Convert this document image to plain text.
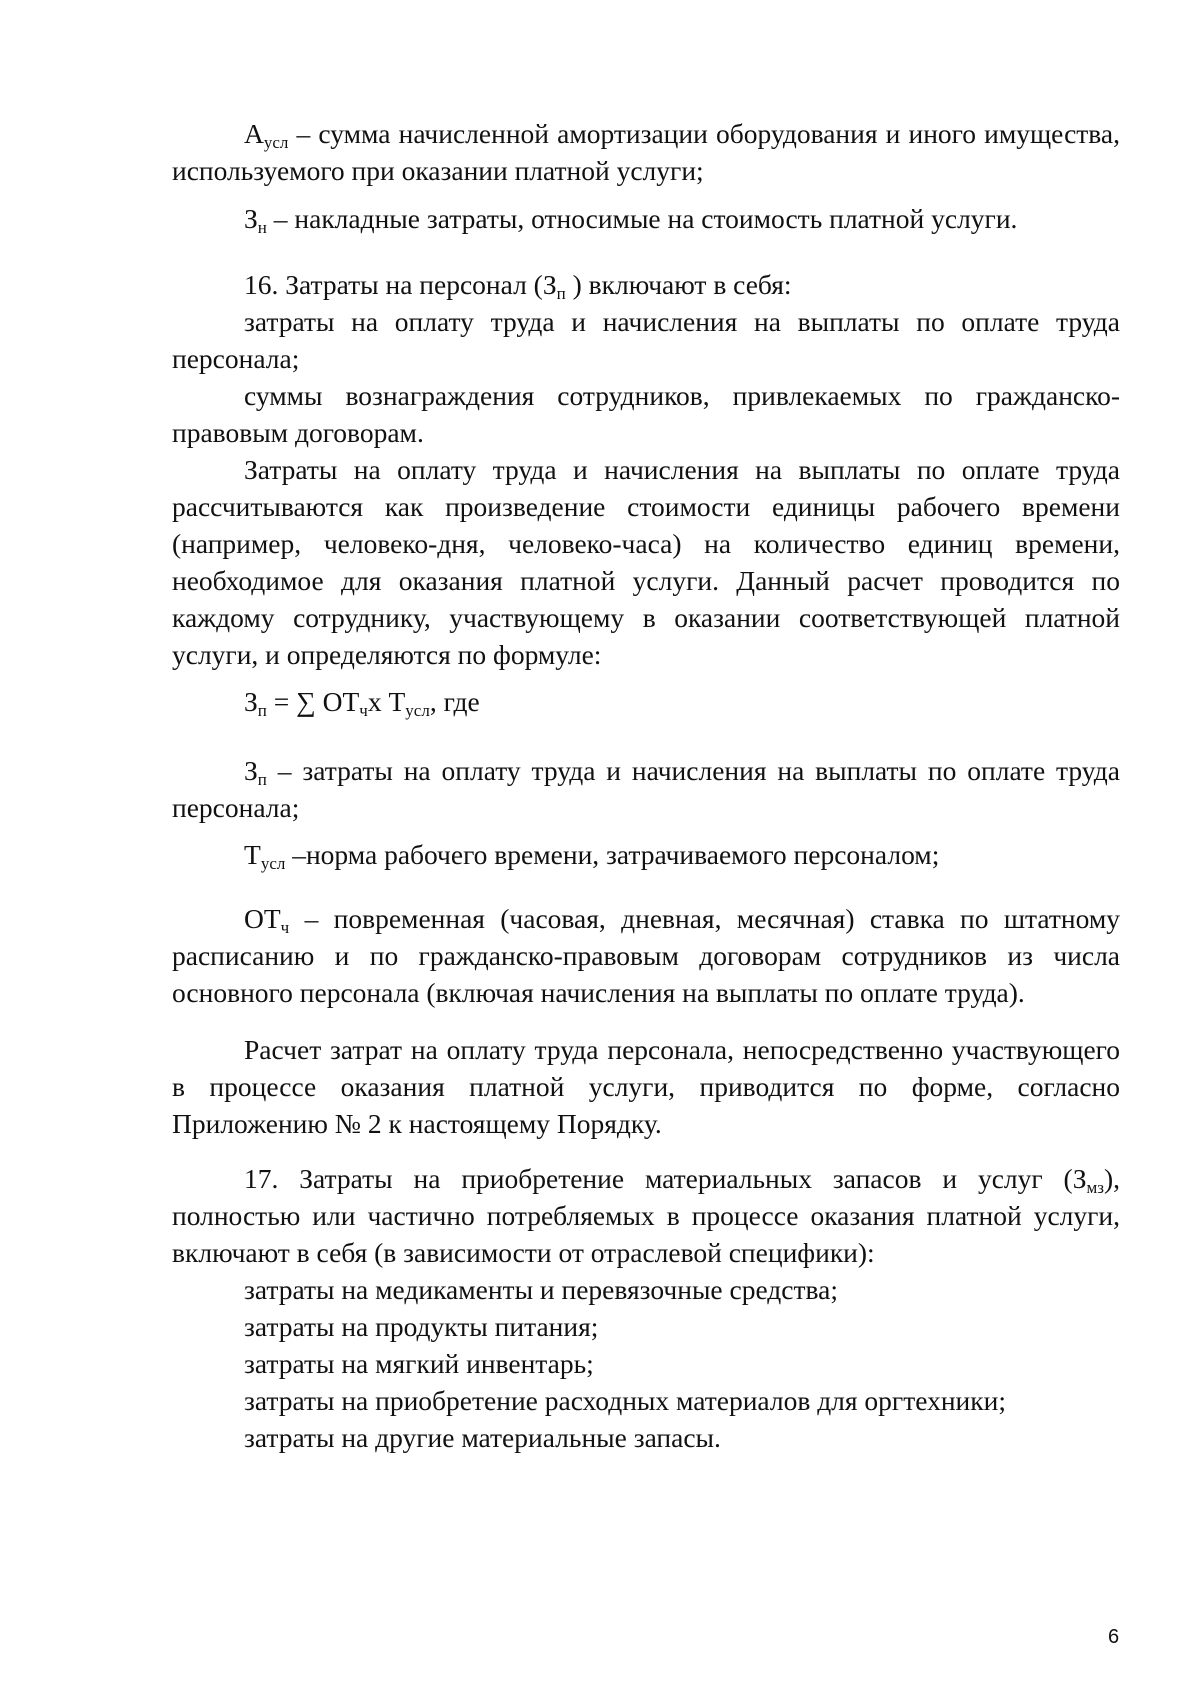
$А_{усл}$ – сумма начисленной амортизации оборудования и иного имущества, используемого при оказании платной услуги;

$З_н$ – накладные затраты, относимые на стоимость платной услуги.

16. Затраты на персонал ($З_п$ ) включают в себя:

затраты на оплату труда и начисления на выплаты по оплате труда персонала;

суммы вознаграждения сотрудников, привлекаемых по гражданско-правовым договорам.

Затраты на оплату труда и начисления на выплаты по оплате труда рассчитываются как произведение стоимости единицы рабочего времени (например, человеко-дня, человеко-часа) на количество единиц времени, необходимое для оказания платной услуги. Данный расчет проводится по каждому сотруднику, участвующему в оказании соответствующей платной услуги, и определяются по формуле:

$З_п$ = ∑ $ОТ_чх$ $Т_{усл}$, где

$З_п$ – затраты на оплату труда и начисления на выплаты по оплате труда персонала;

$Т_{усл}$ –норма рабочего времени, затрачиваемого персоналом;

$ОТ_ч$ – повременная (часовая, дневная, месячная) ставка по штатному расписанию и по гражданско-правовым договорам сотрудников из числа основного персонала (включая начисления на выплаты по оплате труда).

Расчет затрат на оплату труда персонала, непосредственно участвующего в процессе оказания платной услуги, приводится по форме, согласно Приложению № 2 к настоящему Порядку.

17. Затраты на приобретение материальных запасов и услуг $(З_{мз})$, полностью или частично потребляемых в процессе оказания платной услуги, включают в себя (в зависимости от отраслевой специфики):

затраты на медикаменты и перевязочные средства;

затраты на продукты питания;

затраты на мягкий инвентарь;

затраты на приобретение расходных материалов для оргтехники;

затраты на другие материальные запасы.

6
